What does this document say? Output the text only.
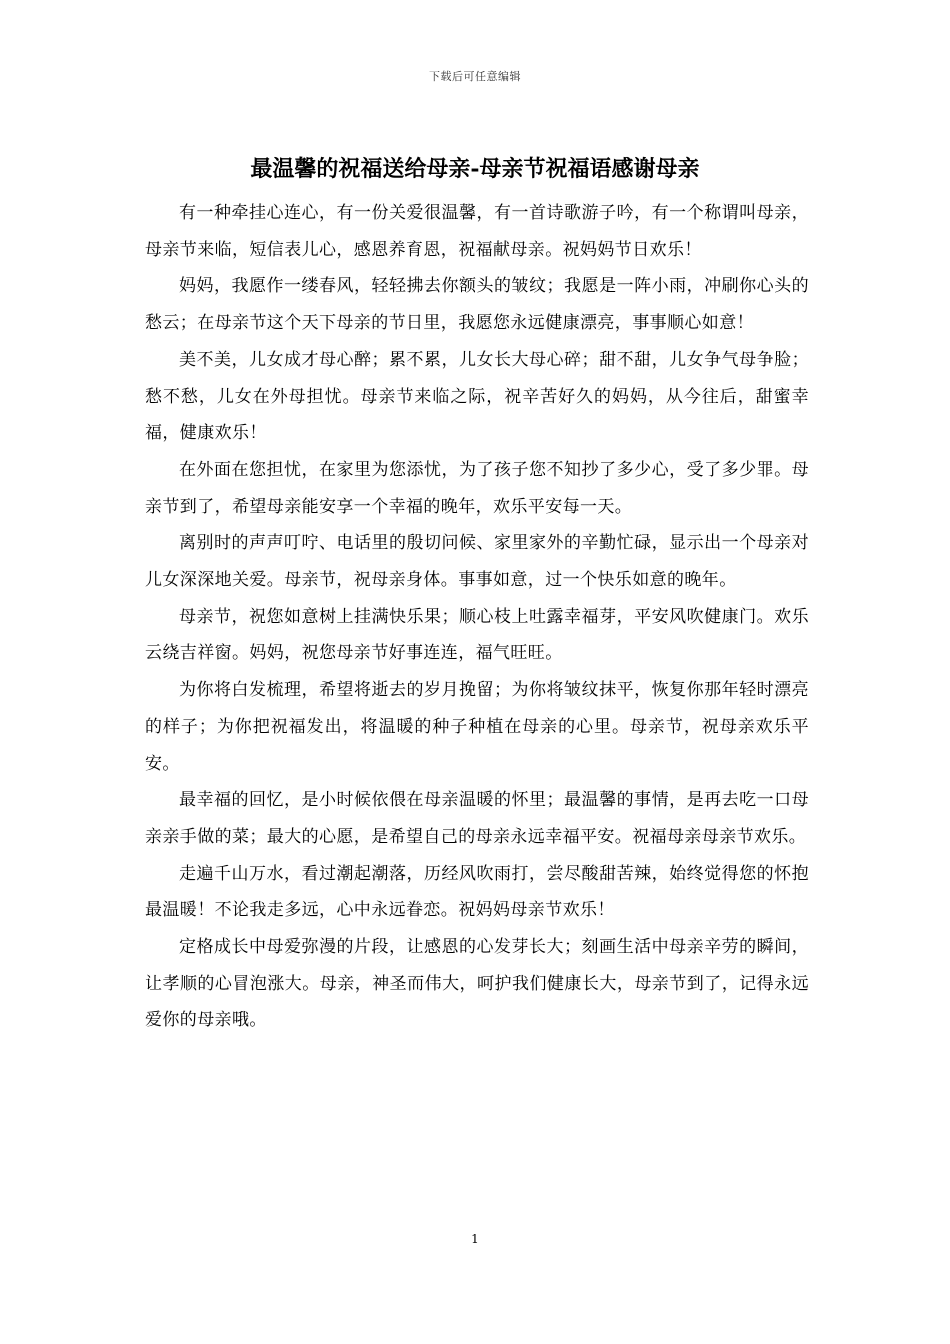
下载后可任意编辑
最温馨的祝福送给母亲-母亲节祝福语感谢母亲

有一种牵挂心连心，有一份关爱很温馨，有一首诗歌游子吟，有一个称谓叫母亲，母亲节来临，短信表儿心，感恩养育恩，祝福献母亲。祝妈妈节日欢乐！

妈妈，我愿作一缕春风，轻轻拂去你额头的皱纹；我愿是一阵小雨，冲刷你心头的愁云；在母亲节这个天下母亲的节日里，我愿您永远健康漂亮，事事顺心如意！

美不美，儿女成才母心醉；累不累，儿女长大母心碎；甜不甜，儿女争气母争脸；愁不愁，儿女在外母担忧。母亲节来临之际，祝辛苦好久的妈妈，从今往后，甜蜜幸福，健康欢乐！

在外面在您担忧，在家里为您添忧，为了孩子您不知抄了多少心，受了多少罪。母亲节到了，希望母亲能安享一个幸福的晚年，欢乐平安每一天。

离别时的声声叮咛、电话里的殷切问候、家里家外的辛勤忙碌，显示出一个母亲对儿女深深地关爱。母亲节，祝母亲身体。事事如意，过一个快乐如意的晚年。

母亲节，祝您如意树上挂满快乐果；顺心枝上吐露幸福芽，平安风吹健康门。欢乐云绕吉祥窗。妈妈，祝您母亲节好事连连，福气旺旺。

为你将白发梳理，希望将逝去的岁月挽留；为你将皱纹抹平，恢复你那年轻时漂亮的样子；为你把祝福发出，将温暖的种子种植在母亲的心里。母亲节，祝母亲欢乐平安。

最幸福的回忆，是小时候依偎在母亲温暖的怀里；最温馨的事情，是再去吃一口母亲亲手做的菜；最大的心愿，是希望自己的母亲永远幸福平安。祝福母亲母亲节欢乐。

走遍千山万水，看过潮起潮落，历经风吹雨打，尝尽酸甜苦辣，始终觉得您的怀抱最温暖！不论我走多远，心中永远眷恋。祝妈妈母亲节欢乐！

定格成长中母爱弥漫的片段，让感恩的心发芽长大；刻画生活中母亲辛劳的瞬间，让孝顺的心冒泡涨大。母亲，神圣而伟大，呵护我们健康长大，母亲节到了，记得永远爱你的母亲哦。

1
